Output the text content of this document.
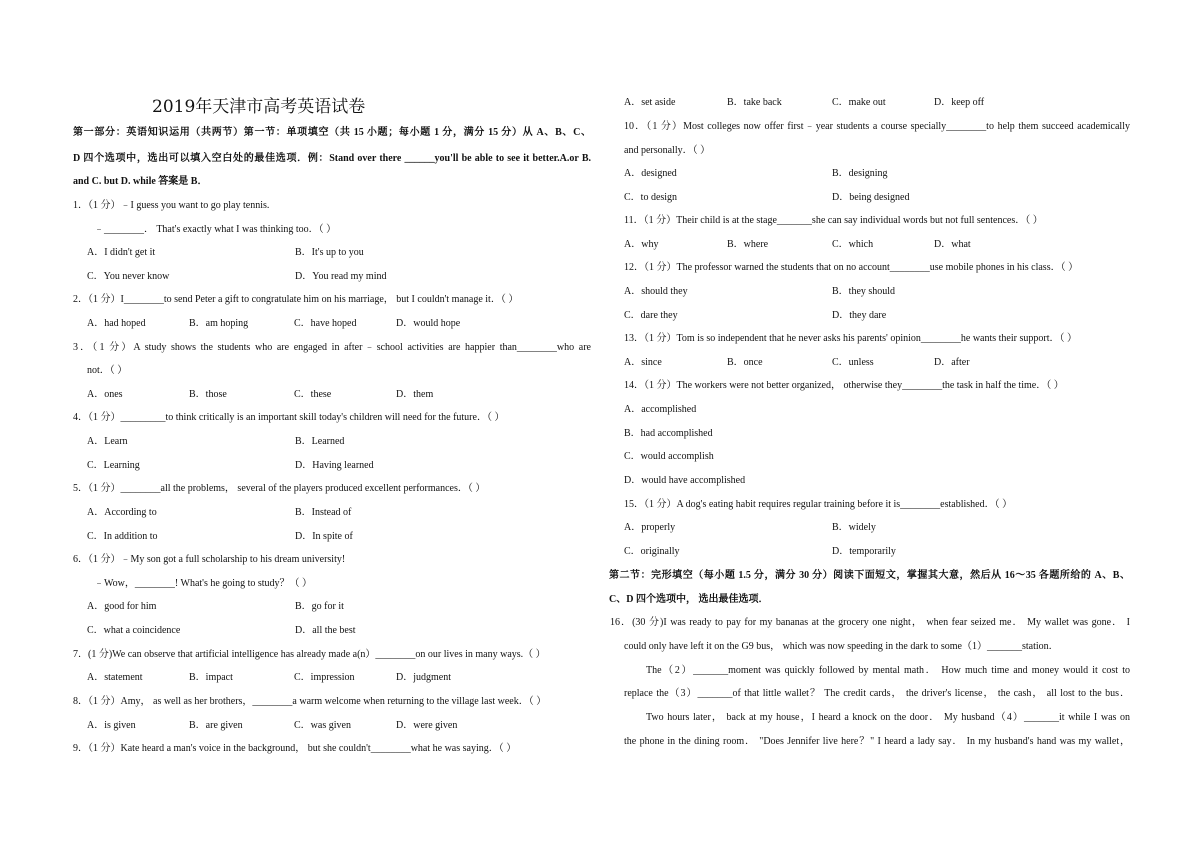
2019年天津市高考英语试卷
第一部分：英语知识运用（共两节）第一节：单项填空（共 15 小题；每小题 1 分，满分 15 分）从 A、B、C、
D 四个选项中，选出可以填入空白处的最佳选项．例：Stand over there ______you'll be able to see it better.A.or B.
and C. but D. while 答案是 B．
1．（1 分）﹣I guess you want to go play tennis.
﹣________． That's exactly what I was thinking too．（ ）
A．I didn't get it	B．It's up to you
C．You never know	D．You read my mind
2．（1 分）I________to send Peter a gift to congratulate him on his marriage， but I couldn't manage it．（ ）
A．had hoped	B．am hoping	C．have hoped	D．would hope
3．（1 分）A study shows the students who are engaged in after﹣school activities are happier than________who are
not．（ ）
A．ones	B．those	C．these	D．them
4．（1 分）_________to think critically is an important skill today's children will need for the future．（ ）
A．Learn	B．Learned
C．Learning	D．Having learned
5．（1 分）________all the problems， several of the players produced excellent performances．（ ）
A．According to	B．Instead of
C．In addition to	D．In spite of
6．（1 分）﹣My son got a full scholarship to his dream university!
﹣Wow，________! What's he going to study？（ ）
A．good for him	B．go for it
C．what a coincidence	D．all the best
7．(1 分)We can observe that artificial intelligence has already made a(n）________on our lives in many ways.（ ）
A．statement	B．impact	C．impression	D．judgment
8．（1 分）Amy， as well as her brothers，________a warm welcome when returning to the village last week．（ ）
A．is given	B．are given	C．was given	D．were given
9．（1 分）Kate heard a man's voice in the background， but she couldn't________what he was saying．（ ）
A．set aside	B．take back	C．make out	D．keep off
10．（1 分）Most colleges now offer first﹣year students a course specially________to help them succeed academically
and personally．（ ）
A．designed	B．designing
C．to design	D．being designed
11．（1 分）Their child is at the stage_______she can say individual words but not full sentences．（ ）
A．why	B．where	C．which	D．what
12．（1 分）The professor warned the students that on no account________use mobile phones in his class．（ ）
A．should they	B．they should
C．dare they	D．they dare
13．（1 分）Tom is so independent that he never asks his parents' opinion________he wants their support．（ ）
A．since	B．once	C．unless	D．after
14．（1 分）The workers were not better organized， otherwise they________the task in half the time．（ ）
A．accomplished
B．had accomplished
C．would accomplish
D．would have accomplished
15．（1 分）A dog's eating habit requires regular training before it is________established．（ ）
A．properly	B．widely
C．originally	D．temporarily
第二节：完形填空（每小题 1.5 分，满分 30 分）阅读下面短文，掌握其大意，然后从 16～35 各题所给的 A、B、
C、D 四个选项中， 选出最佳选项．
16．(30 分)I was ready to pay for my bananas at the grocery one night， when fear seized me． My wallet was gone． I
could only have left it on the G9 bus， which was now speeding in the dark to some（1）_______station．
The（2）_______moment was quickly followed by mental math． How much time and money would it cost to
replace the（3）_______of that little wallet？ The credit cards， the driver's license， the cash， all lost to the bus．
Two hours later， back at my house，I heard a knock on the door． My husband（4）_______it while I was on
the phone in the dining room． "Does Jennifer live here？" I heard a lady say． In my husband's hand was my wallet，
